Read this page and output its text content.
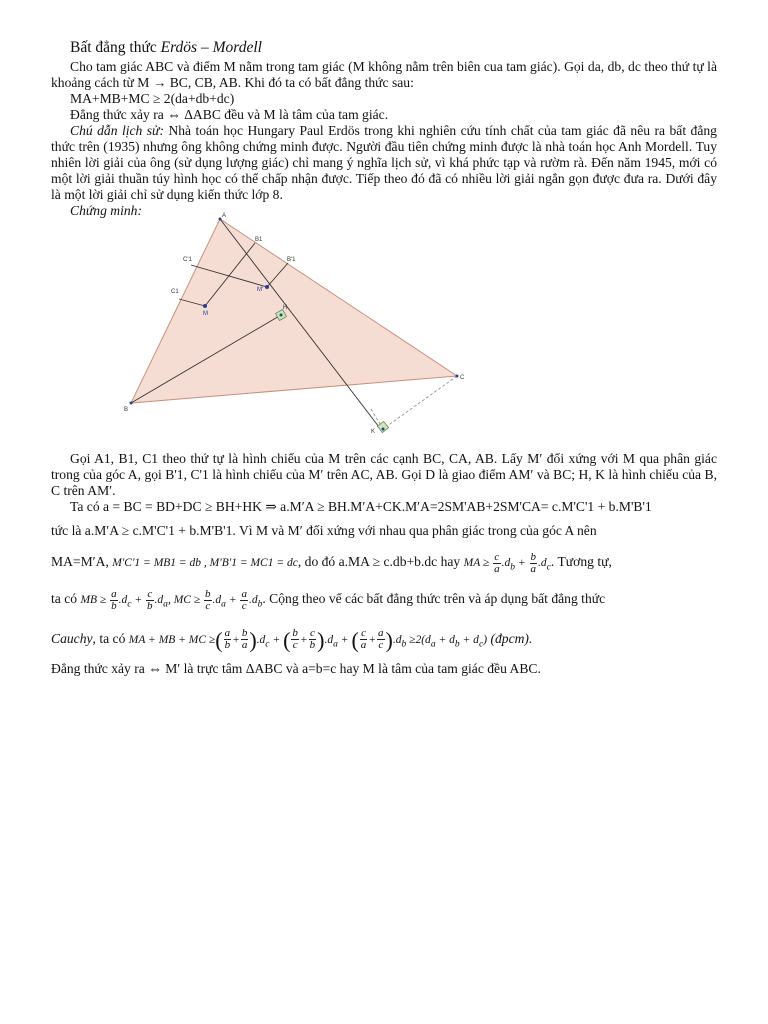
Bất đẳng thức Erdös – Mordell

Cho tam giác ABC và điểm M nằm trong tam giác (M không nằm trên biên cua tam giác). Gọi da, db, dc theo thứ tự là khoảng cách từ M → BC, CB, AB. Khi đó ta có bất đẳng thức sau:

MA+MB+MC ≥ 2(da+db+dc)

Đẳng thức xảy ra ⇔ ΔABC đều và M là tâm của tam giác.

Chú dẫn lịch sử: Nhà toán học Hungary Paul Erdös trong khi nghiên cứu tính chất của tam giác đã nêu ra bất đẳng thức trên (1935) nhưng ông không chứng minh được. Người đầu tiên chứng minh được là nhà toán học Anh Mordell. Tuy nhiên lời giải của ông (sử dụng lượng giác) chỉ mang ý nghĩa lịch sử, vì khá phức tạp và rườm rà. Đến năm 1945, mới có một lời giải thuần túy hình học có thể chấp nhận được. Tiếp theo đó đã có nhiều lời giải ngắn gọn được đưa ra. Dưới đây là một lời giải chỉ sử dụng kiến thức lớp 8.

Chứng minh:	A
B
C
B1
B'1
C1
C'1
M
M'
H
K

Gọi A1, B1, C1 theo thứ tự là hình chiếu của M trên các cạnh BC, CA, AB. Lấy M′ đối xứng với M qua phân giác trong của góc A, gọi B'1, C'1 là hình chiếu của M′ trên AC, AB. Gọi D là giao điểm AM′ và BC; H, K là hình chiếu của B, C trên AM′.

Ta có a = BC = BD+DC ≥ BH+HK ⇒ a.M′A ≥ BH.M′A+CK.M′A=2SM'AB+2SM'CA= c.M'C'1 + b.M'B'1

tức là a.M′A ≥ c.M'C'1 + b.M'B'1. Vì M và M′ đối xứng với nhau qua phân giác trong của góc A nên

MA=M′A, M'C'1 = MB1 = db , M'B'1 = MC1 = dc, do đó a.MA ≥ c.db+b.dc hay MA ≥ $\frac{c}{a} .d_b + \frac{b}{a} .d_c$. Tương tự,

ta có MB ≥ $\frac{a}{b} .d_c + \frac{c}{b} .d_a$, MC ≥ $\frac{b}{c} .d_a + \frac{a}{c} .d_b$. Cộng theo vế các bất đẳng thức trên và áp dụng bất đẳng thức

Cauchy, ta có MA + MB + MC ≥( $\frac{a}{b} + \frac{b}{a} ).d_c$ + ( $\frac{b}{c} + \frac{c}{b} ).d_a$ + ( $\frac{c}{a} + \frac{a}{c} ).d_b \ge 2(d_a + d_b + d_c)$ (đpcm).

Đẳng thức xảy ra ⇔ M′ là trực tâm ΔABC và a=b=c hay M là tâm của tam giác đều ABC.
